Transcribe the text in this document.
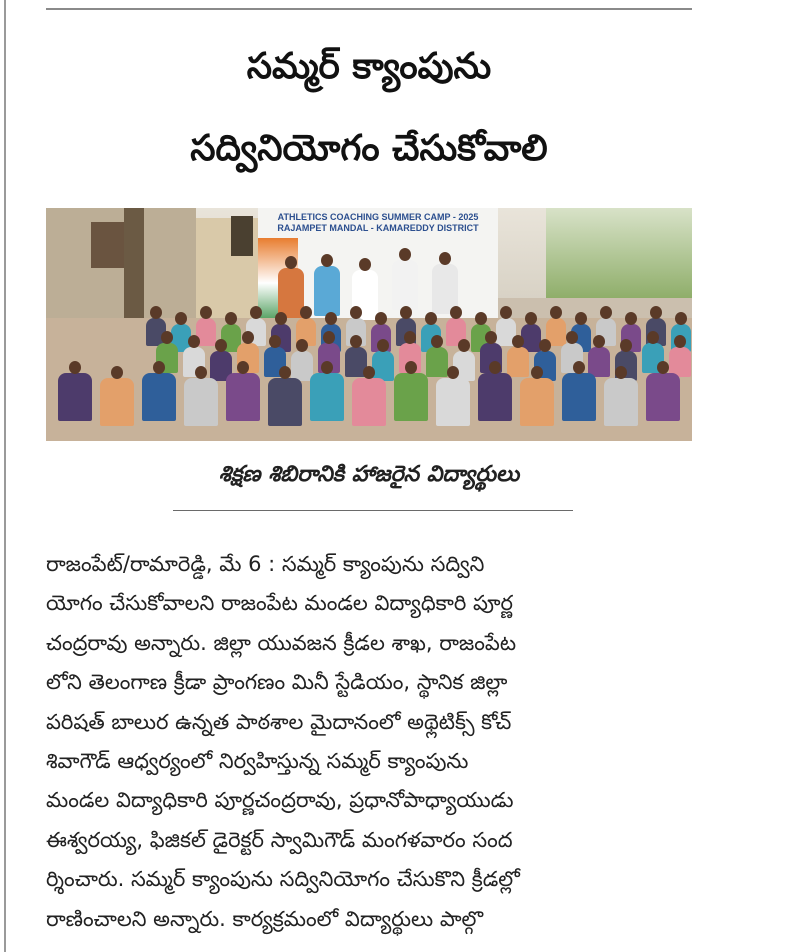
సమ్మర్ క్యాంపును
సద్వినియోగం చేసుకోవాలి
ATHLETICS COACHING SUMMER CAMP - 2025
RAJAMPET MANDAL - KAMAREDDY DISTRICT
శిక్షణ శిబిరానికి హాజరైన విద్యార్థులు
రాజంపేట్/రామారెడ్డి, మే 6 : సమ్మర్ క్యాంపును సద్విని
యోగం చేసుకోవాలని రాజంపేట మండల విద్యాధికారి పూర్ణ
చంద్రరావు అన్నారు. జిల్లా యువజన క్రీడల శాఖ, రాజంపేట
లోని తెలంగాణ క్రీడా ప్రాంగణం మినీ స్టేడియం, స్థానిక జిల్లా
పరిషత్ బాలుర ఉన్నత పాఠశాల మైదానంలో అథ్లెటిక్స్ కోచ్
శివాగౌడ్ ఆధ్వర్యంలో నిర్వహిస్తున్న సమ్మర్ క్యాంపును
మండల విద్యాధికారి పూర్ణచంద్రరావు, ప్రధానోపాధ్యాయుడు
ఈశ్వరయ్య, ఫిజికల్ డైరెక్టర్ స్వామిగౌడ్ మంగళవారం సంద
ర్శించారు. సమ్మర్ క్యాంపును సద్వినియోగం చేసుకొని క్రీడల్లో
రాణించాలని అన్నారు. కార్యక్రమంలో విద్యార్థులు పాల్గొ
